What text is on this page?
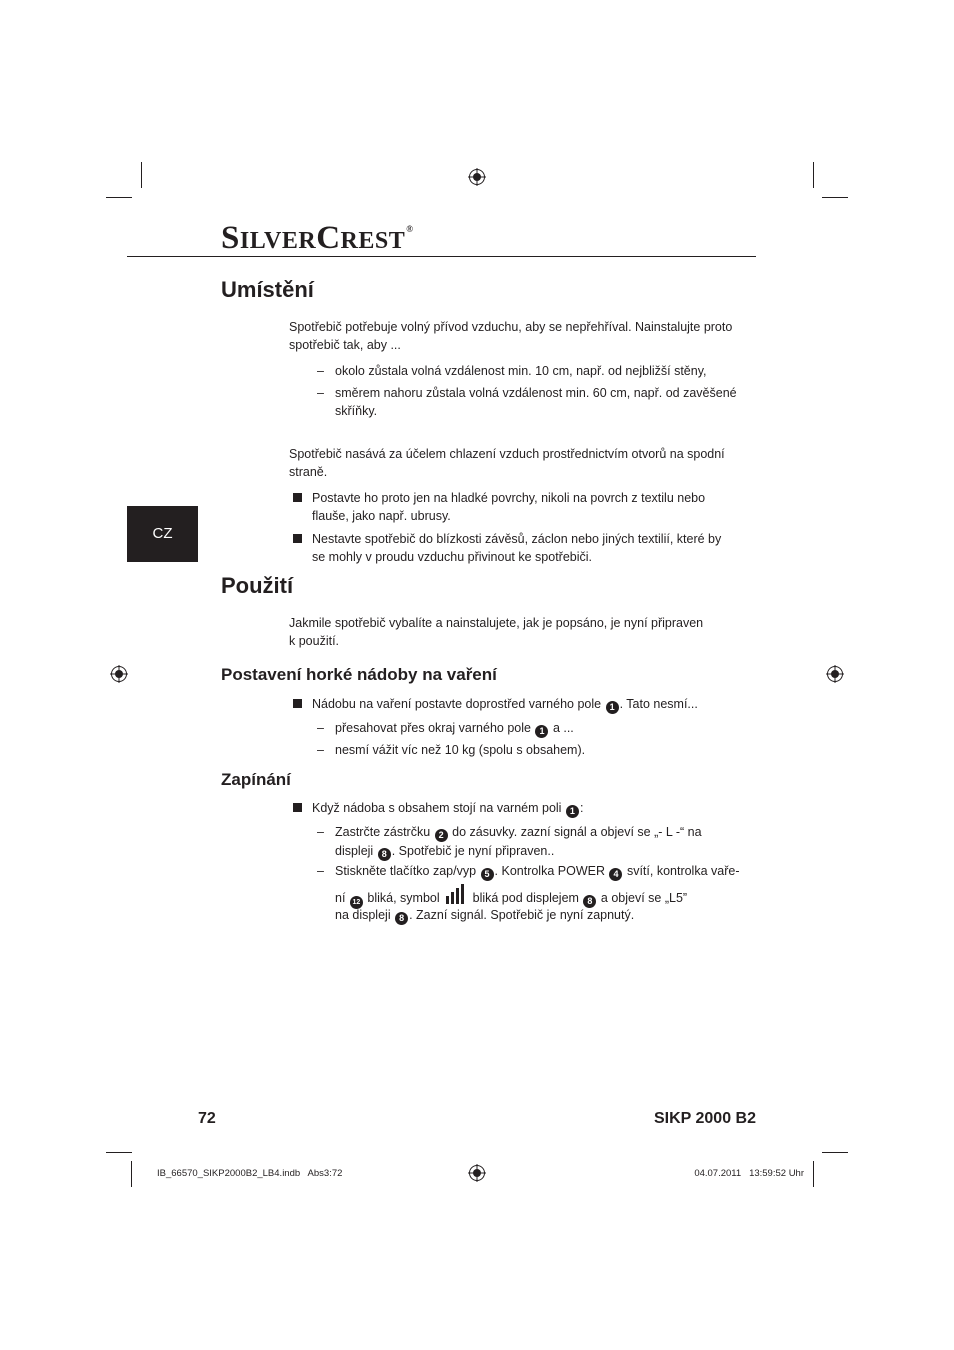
SILVERCREST®
CZ
Umístění
Spotřebič potřebuje volný přívod vzduchu, aby se nepřehříval. Nainstalujte proto
spotřebič tak, aby ...
– okolo zůstala volná vzdálenost min. 10 cm, např. od nejbližší stěny,
– směrem nahoru zůstala volná vzdálenost min. 60 cm, např. od zavěšené
skříňky.
Spotřebič nasává za účelem chlazení vzduch prostřednictvím otvorů na spodní
straně.
Postavte ho proto jen na hladké povrchy, nikoli na povrch z textilu nebo
flauše, jako např. ubrusy.
Nestavte spotřebič do blízkosti závěsů, záclon nebo jiných textilií, které by
se mohly v proudu vzduchu přivinout ke spotřebiči.
Použití
Jakmile spotřebič vybalíte a nainstalujete, jak je popsáno, je nyní připraven
k použití.
Postavení horké nádoby na vaření
Nádobu na vaření postavte doprostřed varného pole 1 . Tato nesmí...
– přesahovat přes okraj varného pole 1 a ...
– nesmí vážit víc než 10 kg (spolu s obsahem).
Zapínání
Když nádoba s obsahem stojí na varném poli 1 :
– Zastrčte zástrčku 2 do zásuvky. zazní signál a objeví se „- L -“ na
displeji 8 . Spotřebič je nyní připraven..
– Stiskněte tlačítko zap/vyp 5 . Kontrolka POWER 4 svítí, kontrolka vaře-
ní 12 bliká, symbol	bliká pod displejem 8 a objeví se „L5”
na displeji 8 . Zazní signál. Spotřebič je nyní zapnutý.
72	SIKP 2000 B2
IB_66570_SIKP2000B2_LB4.indb   Abs3:72	04.07.2011   13:59:52 Uhr
